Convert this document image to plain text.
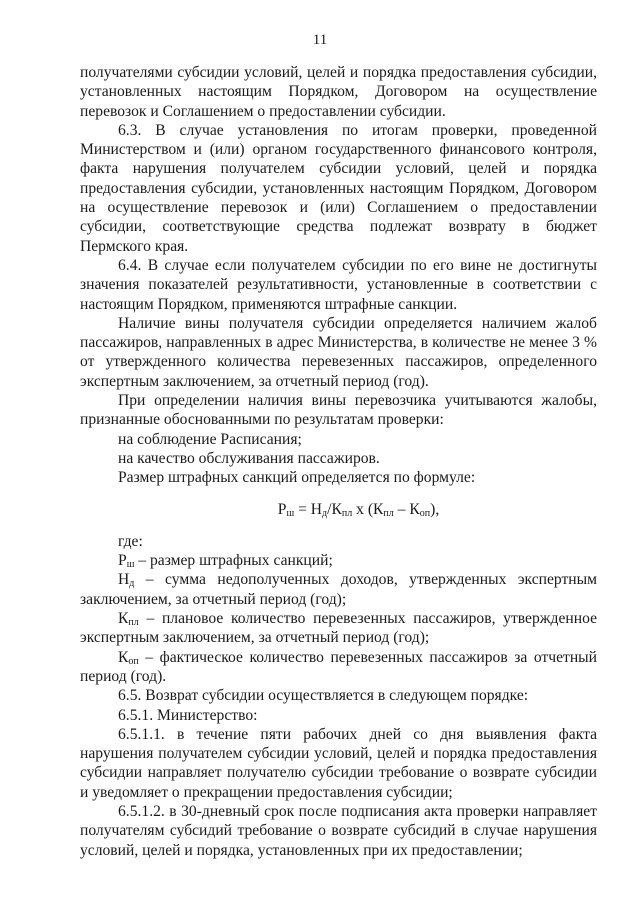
11

получателями субсидии условий, целей и порядка предоставления субсидии, установленных настоящим Порядком, Договором на осуществление перевозок и Соглашением о предоставлении субсидии.

6.3. В случае установления по итогам проверки, проведенной Министерством и (или) органом государственного финансового контроля, факта нарушения получателем субсидии условий, целей и порядка предоставления субсидии, установленных настоящим Порядком, Договором на осуществление перевозок и (или) Соглашением о предоставлении субсидии, соответствующие средства подлежат возврату в бюджет Пермского края.

6.4. В случае если получателем субсидии по его вине не достигнуты значения показателей результативности, установленные в соответствии с настоящим Порядком, применяются штрафные санкции.

Наличие вины получателя субсидии определяется наличием жалоб пассажиров, направленных в адрес Министерства, в количестве не менее 3 % от утвержденного количества перевезенных пассажиров, определенного экспертным заключением, за отчетный период (год).

При определении наличия вины перевозчика учитываются жалобы, признанные обоснованными по результатам проверки:

на соблюдение Расписания;

на качество обслуживания пассажиров.

Размер штрафных санкций определяется по формуле:

$Р_ш = Н_д/К_{пл}$ х $(К_{пл} - К_{оп})$,

где:

$Р_ш$ – размер штрафных санкций;

$Н_д$ – сумма недополученных доходов, утвержденных экспертным заключением, за отчетный период (год);

$К_{пл}$ – плановое количество перевезенных пассажиров, утвержденное экспертным заключением, за отчетный период (год);

$К_{оп}$ – фактическое количество перевезенных пассажиров за отчетный период (год).

6.5. Возврат субсидии осуществляется в следующем порядке:

6.5.1. Министерство:

6.5.1.1. в течение пяти рабочих дней со дня выявления факта нарушения получателем субсидии условий, целей и порядка предоставления субсидии направляет получателю субсидии требование о возврате субсидии и уведомляет о прекращении предоставления субсидии;

6.5.1.2. в 30-дневный срок после подписания акта проверки направляет получателям субсидий требование о возврате субсидий в случае нарушения условий, целей и порядка, установленных при их предоставлении;
